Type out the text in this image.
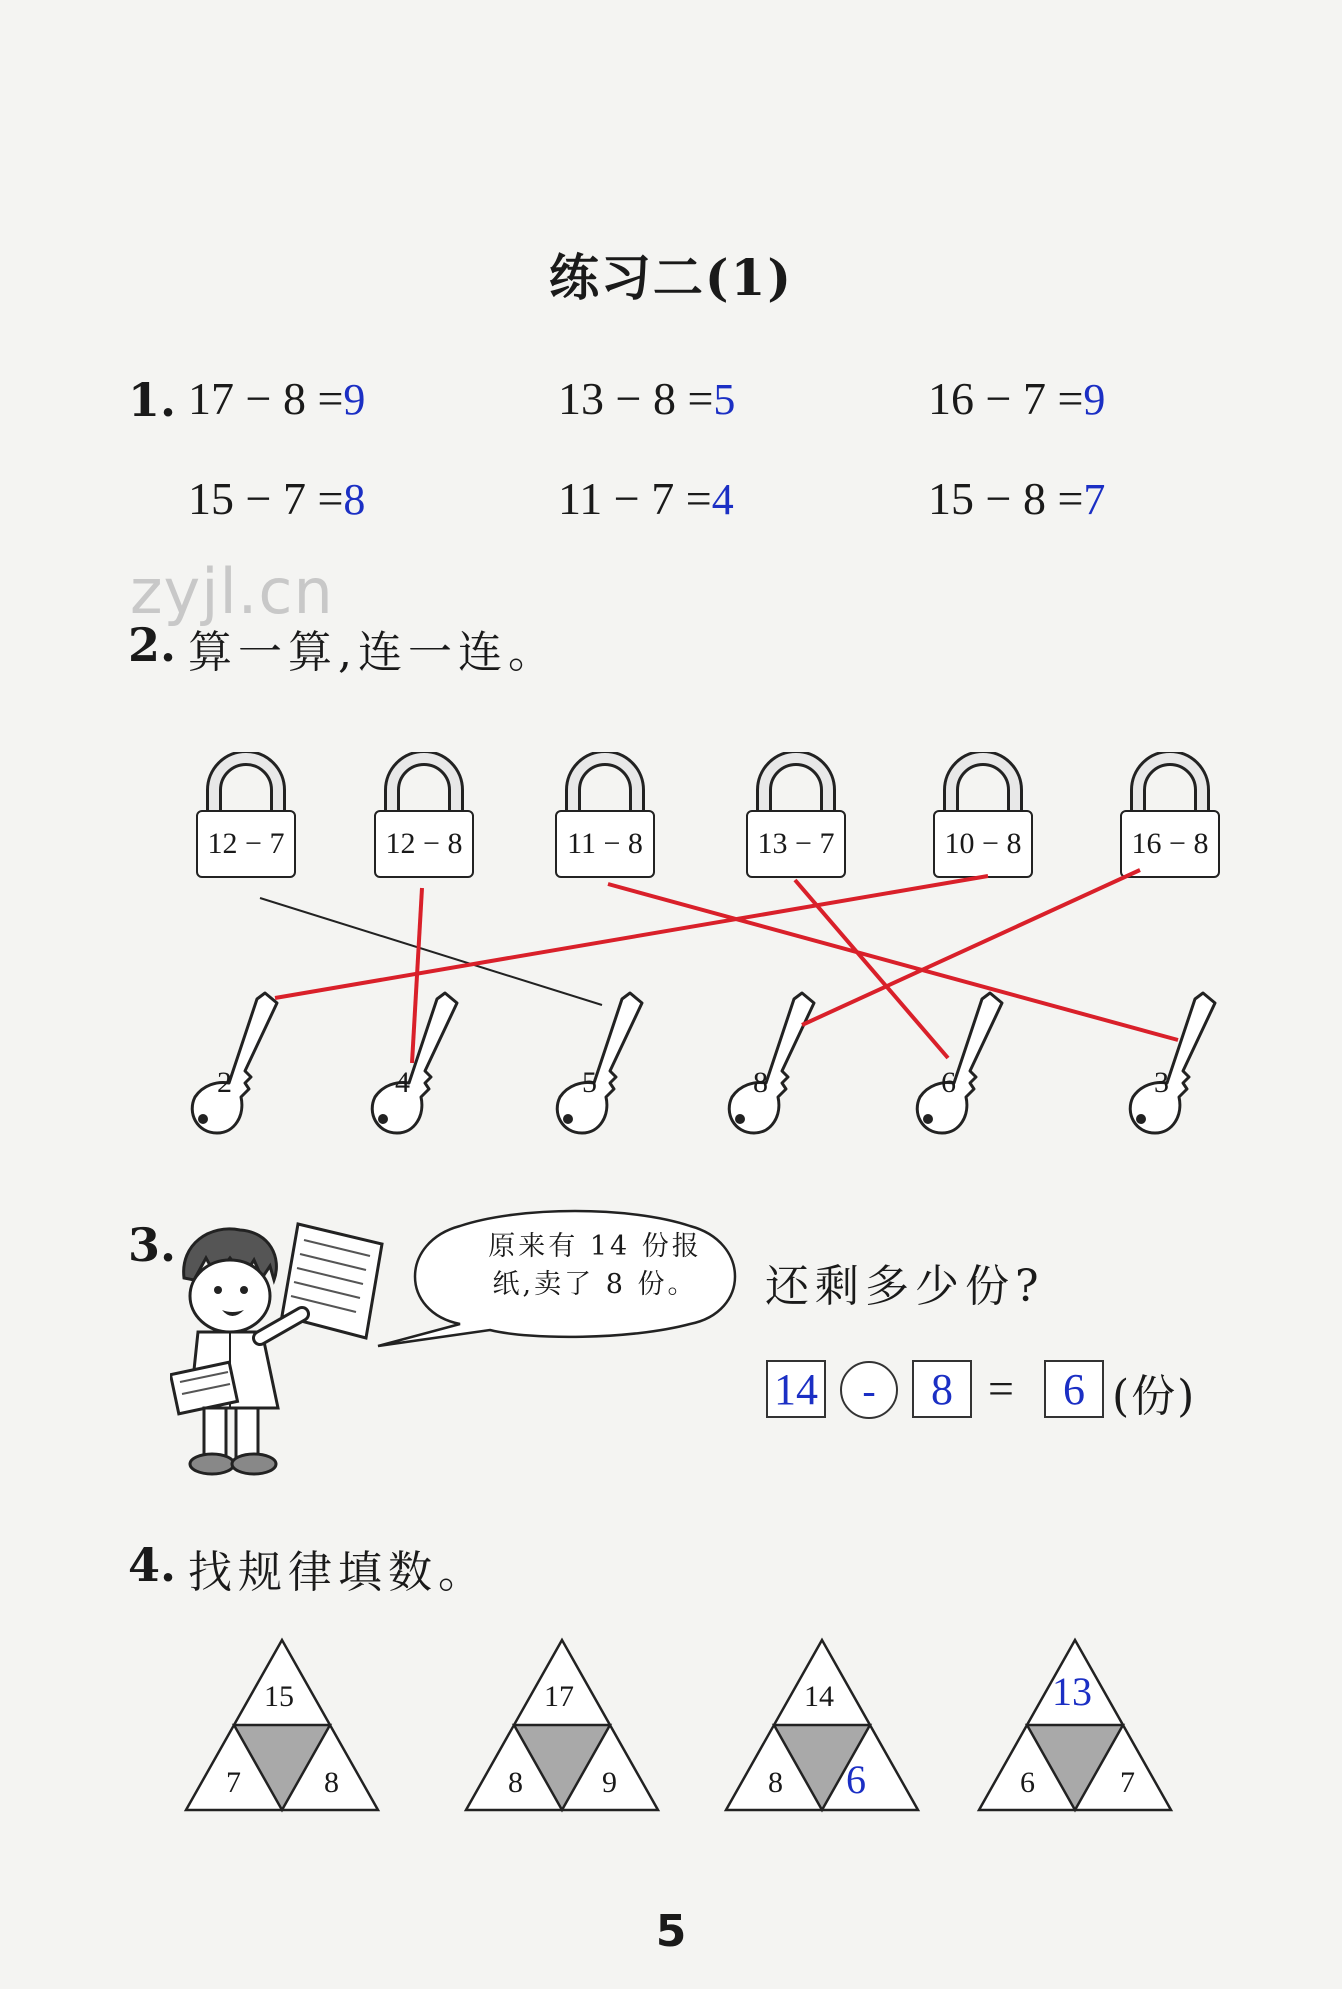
练习二(1)
1. 17 − 8 =9	13 − 8 =5	16 − 7 =9
15 − 7 =8	11 − 7 =4	15 − 8 =7
zyjl.cn
2. 算一算,连一连。
12 − 7	12 − 8	11 − 8	13 − 7	10 − 8	16 − 8
2	4	5	8	6	3
3.	原来有 14 份报
纸,卖了 8 份。	还剩多少份?
14	-	8 =	6 (份)
4. 找规律填数。
15
7	8
17
8	9
14
8 6
13
6	7
5
